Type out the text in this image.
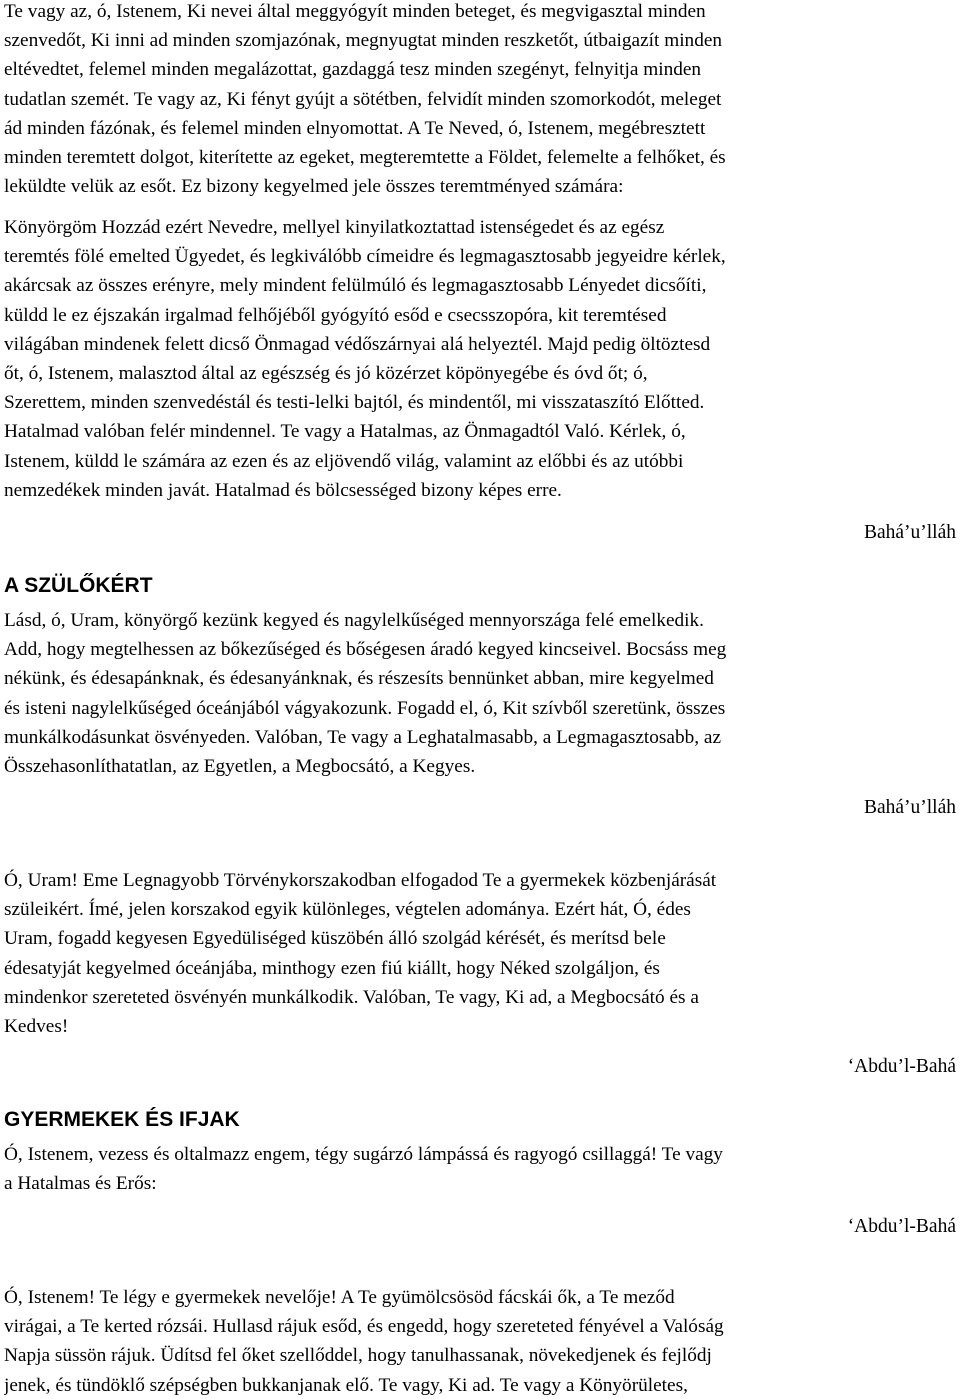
Te vagy az, ó, Istenem, Ki nevei által meggyógyít minden beteget, és megvigasztal minden

szenvedőt, Ki inni ad minden szomjazónak, megnyugtat minden reszketőt, útbaigazít minden

eltévedtet, felemel minden megalázottat, gazdaggá tesz minden szegényt, felnyitja minden

tudatlan szemét. Te vagy az, Ki fényt gyújt a sötétben, felvidít minden szomorkodót, meleget

ád minden fázónak, és felemel minden elnyomottat. A Te Neved, ó, Istenem, megébresztett

minden teremtett dolgot, kiterítette az egeket, megteremtette a Földet, felemelte a felhőket, és

leküldte velük az esőt. Ez bizony kegyelmed jele összes teremtményed számára:

Könyörgöm Hozzád ezért Nevedre, mellyel kinyilatkoztattad istenségedet és az egész

teremtés fölé emelted Ügyedet, és legkiválóbb címeidre és legmagasztosabb jegyeidre kérlek,

akárcsak az összes erényre, mely mindent felülmúló és legmagasztosabb Lényedet dicsőíti,

küldd le ez éjszakán irgalmad felhőjéből gyógyító esőd e csecsszopóra, kit teremtésed

világában mindenek felett dicső Önmagad védőszárnyai alá helyeztél. Majd pedig öltöztesd

őt, ó, Istenem, malasztod által az egészség és jó közérzet köpönyegébe és óvd őt; ó,

Szerettem, minden szenvedéstál és testi-lelki bajtól, és mindentől, mi visszataszító Előtted.

Hatalmad valóban felér mindennel. Te vagy a Hatalmas, az Önmagadtól Való. Kérlek, ó,

Istenem, küldd le számára az ezen és az eljövendő világ, valamint az előbbi és az utóbbi

nemzedékek minden javát. Hatalmad és bölcsességed bizony képes erre.

Bahá’u’lláh
A SZÜLŐKÉRT

Lásd, ó, Uram, könyörgő kezünk kegyed és nagylelkűséged mennyországa felé emelkedik.

Add, hogy megtelhessen az bőkezűséged és bőségesen áradó kegyed kincseivel. Bocsáss meg

nékünk, és édesapánknak, és édesanyánknak, és részesíts bennünket abban, mire kegyelmed

és isteni nagylelkűséged óceánjából vágyakozunk. Fogadd el, ó, Kit szívből szeretünk, összes

munkálkodásunkat ösvényeden. Valóban, Te vagy a Leghatalmasabb, a Legmagasztosabb, az

Összehasonlíthatatlan, az Egyetlen, a Megbocsátó, a Kegyes.

Bahá’u’lláh

Ó, Uram! Eme Legnagyobb Törvénykorszakodban elfogadod Te a gyermekek közbenjárását

szüleikért. Ímé, jelen korszakod egyik különleges, végtelen adománya. Ezért hát, Ó, édes

Uram, fogadd kegyesen Egyedüliséged küszöbén álló szolgád kérését, és merítsd bele

édesatyját kegyelmed óceánjába, minthogy ezen fiú kiállt, hogy Néked szolgáljon, és

mindenkor szereteted ösvényén munkálkodik. Valóban, Te vagy, Ki ad, a Megbocsátó és a

Kedves!

‘Abdu’l-Bahá
GYERMEKEK ÉS IFJAK

Ó, Istenem, vezess és oltalmazz engem, tégy sugárzó lámpássá és ragyogó csillaggá! Te vagy

a Hatalmas és Erős:

‘Abdu’l-Bahá

Ó, Istenem! Te légy e gyermekek nevelője! A Te gyümölcsösöd fácskái ők, a Te meződ

virágai, a Te kerted rózsái. Hullasd rájuk esőd, és engedd, hogy szereteted fényével a Valóság

Napja süssön rájuk. Üdítsd fel őket szellőddel, hogy tanulhassanak, növekedjenek és fejlődj

jenek, és tündöklő szépségben bukkanjanak elő. Te vagy, Ki ad. Te vagy a Könyörületes,
